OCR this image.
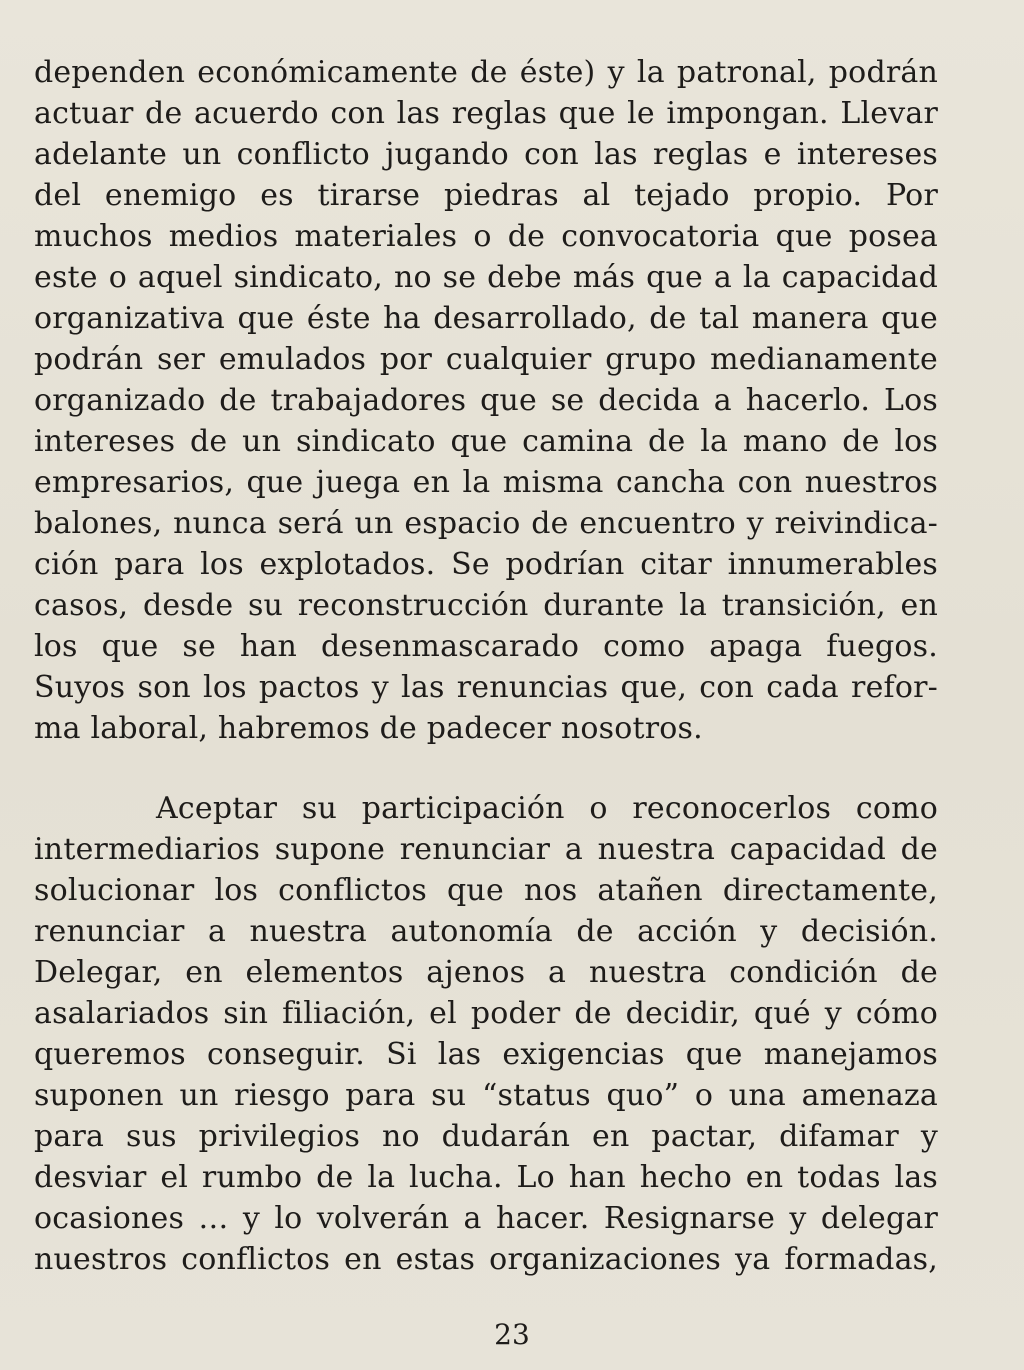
dependen económicamente de éste) y la patronal, podrán
actuar de acuerdo con las reglas que le impongan. Llevar
adelante un conflicto jugando con las reglas e intereses
del enemigo es tirarse piedras al tejado propio. Por
muchos medios materiales o de convocatoria que posea
este o aquel sindicato, no se debe más que a la capacidad
organizativa que éste ha desarrollado, de tal manera que
podrán ser emulados por cualquier grupo medianamente
organizado de trabajadores que se decida a hacerlo. Los
intereses de un sindicato que camina de la mano de los
empresarios, que juega en la misma cancha con nuestros
balones, nunca será un espacio de encuentro y reivindica-
ción para los explotados. Se podrían citar innumerables
casos, desde su reconstrucción durante la transición, en
los que se han desenmascarado como apaga fuegos.
Suyos son los pactos y las renuncias que, con cada refor-
ma laboral, habremos de padecer nosotros.
Aceptar su participación o reconocerlos como
intermediarios supone renunciar a nuestra capacidad de
solucionar los conflictos que nos atañen directamente,
renunciar a nuestra autonomía de acción y decisión.
Delegar, en elementos ajenos a nuestra condición de
asalariados sin filiación, el poder de decidir, qué y cómo
queremos conseguir. Si las exigencias que manejamos
suponen un riesgo para su “status quo” o una amenaza
para sus privilegios no dudarán en pactar, difamar y
desviar el rumbo de la lucha. Lo han hecho en todas las
ocasiones … y lo volverán a hacer. Resignarse y delegar
nuestros conflictos en estas organizaciones ya formadas,
23
